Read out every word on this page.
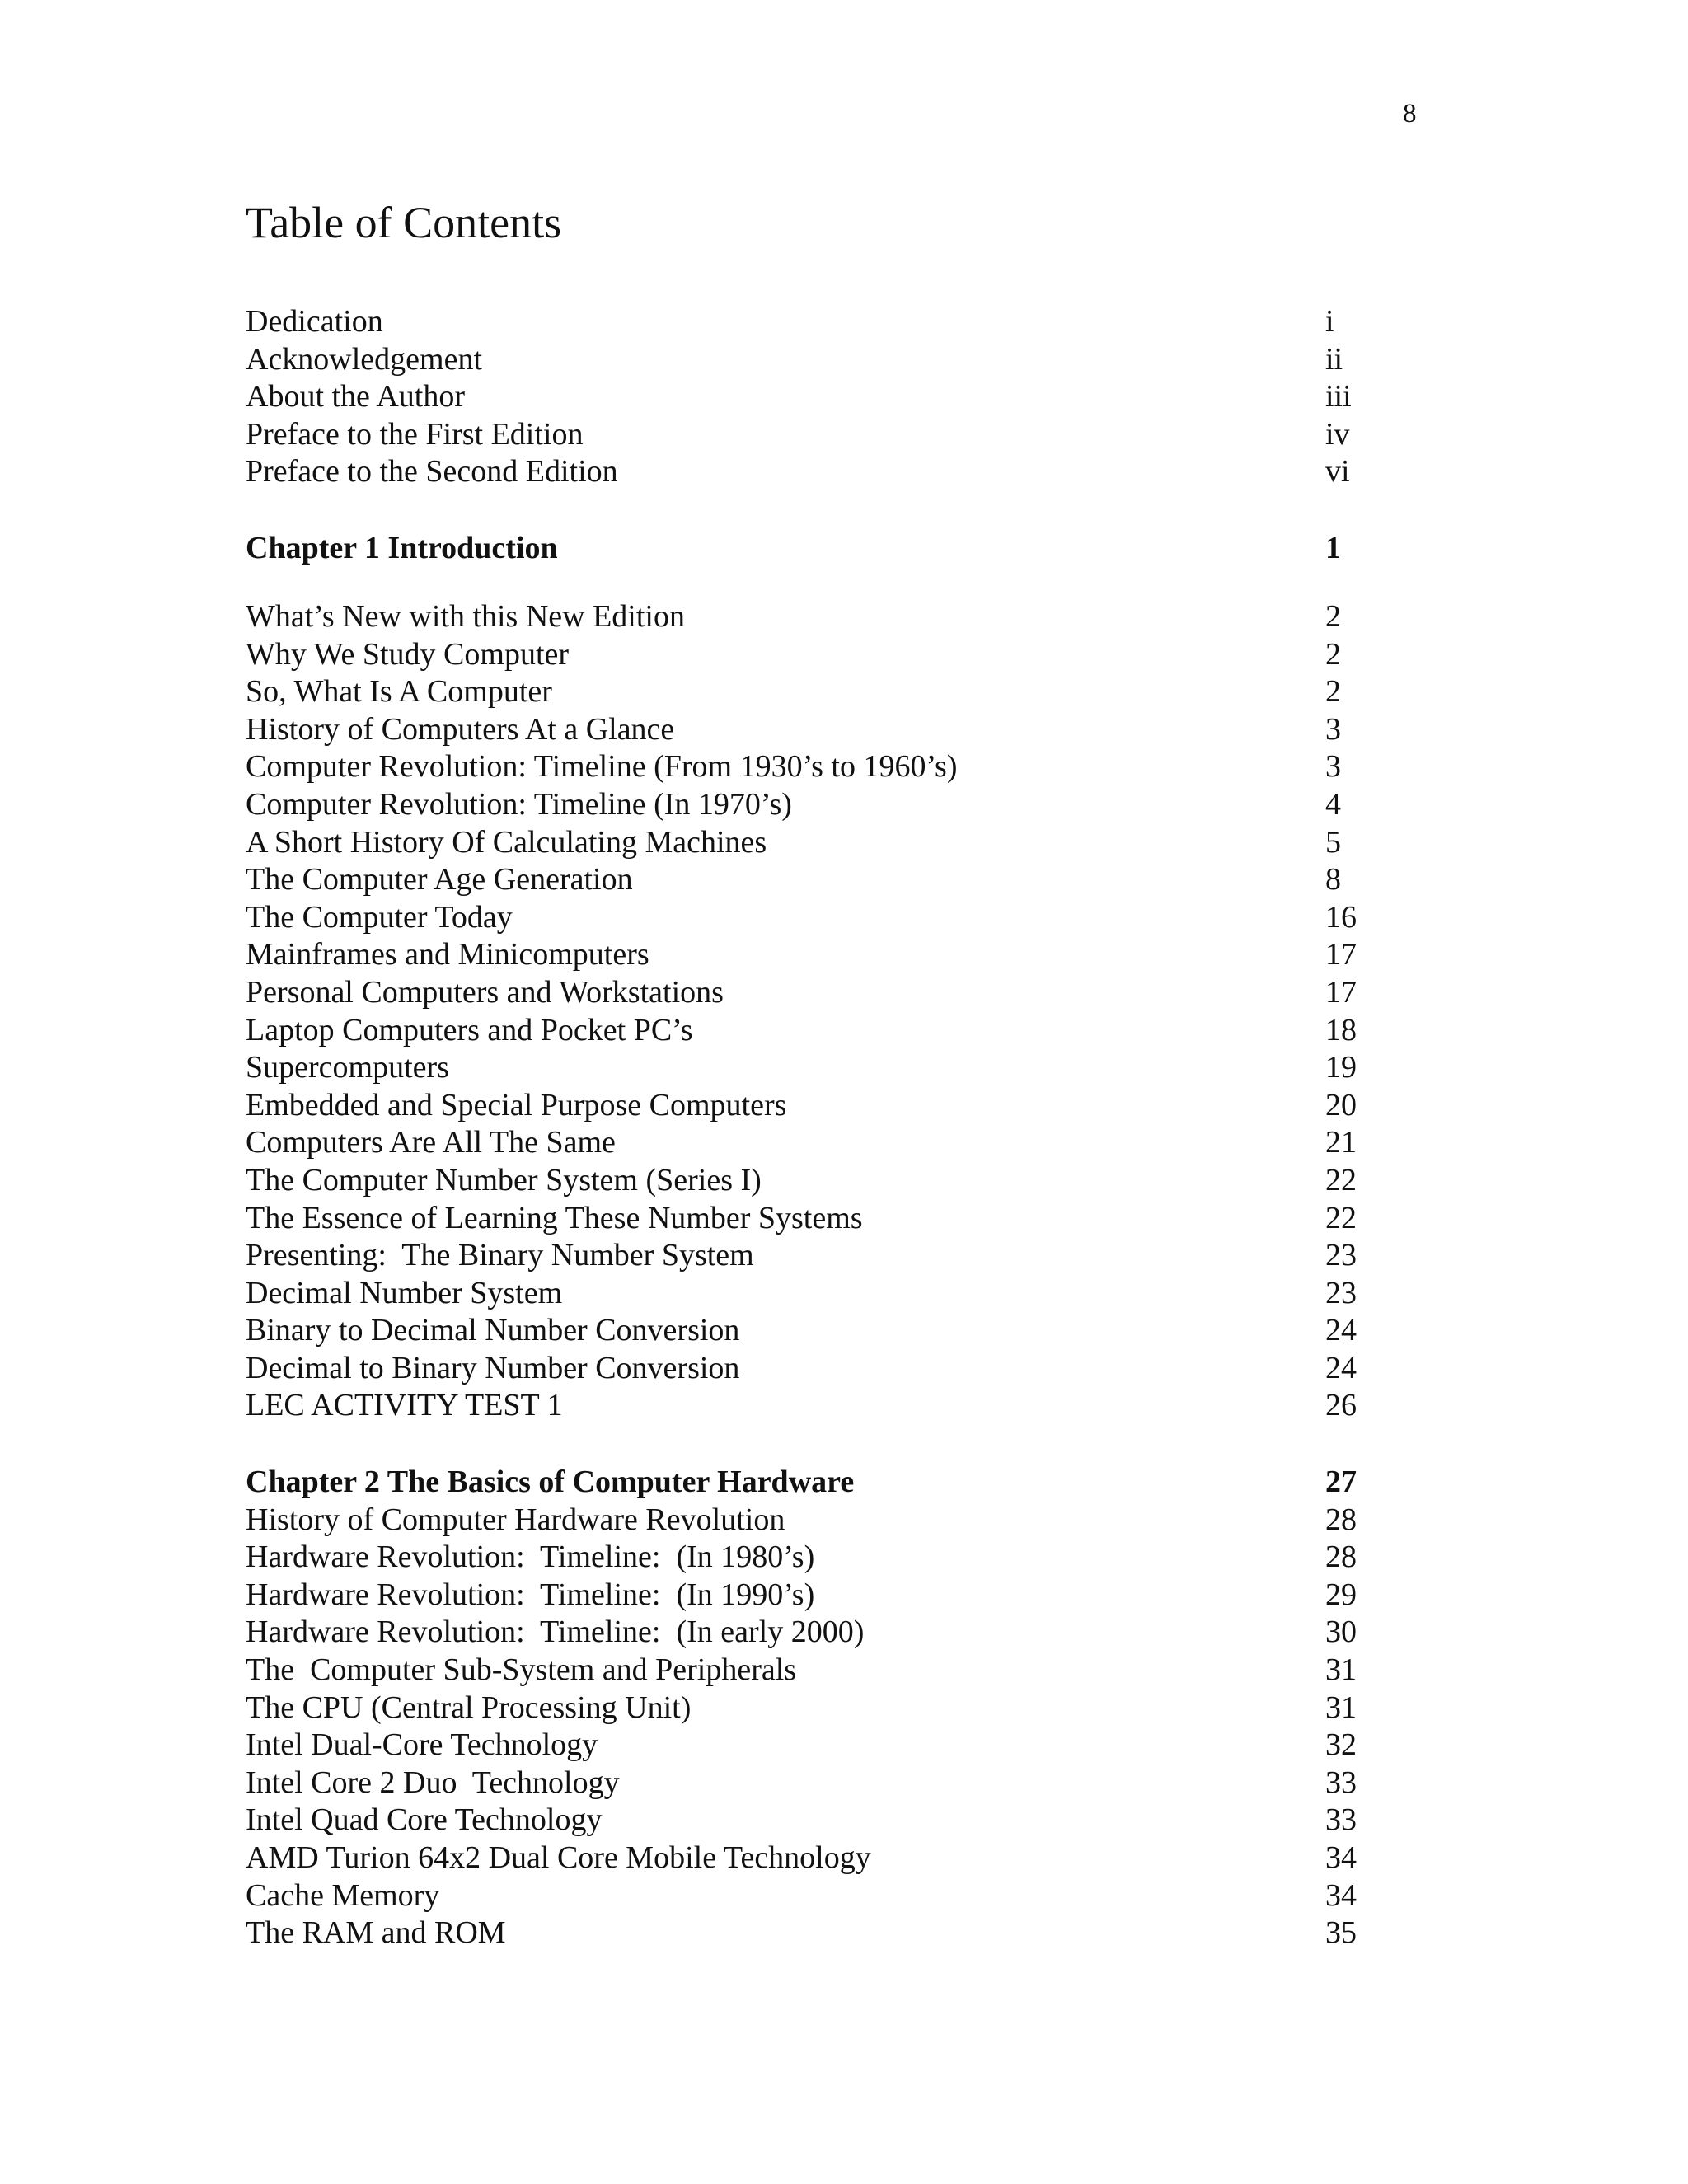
8
Table of Contents
Dedication	i
Acknowledgement	ii
About the Author	iii
Preface to the First Edition	iv
Preface to the Second Edition	vi
Chapter 1 Introduction	1
What’s New with this New Edition	2
Why We Study Computer	2
So, What Is A Computer	2
History of Computers At a Glance	3
Computer Revolution: Timeline (From 1930’s to 1960’s)	3
Computer Revolution: Timeline (In 1970’s)	4
A Short History Of Calculating Machines	5
The Computer Age Generation	8
The Computer Today	16
Mainframes and Minicomputers	17
Personal Computers and Workstations	17
Laptop Computers and Pocket PC’s	18
Supercomputers	19
Embedded and Special Purpose Computers	20
Computers Are All The Same	21
The Computer Number System (Series I)	22
The Essence of Learning These Number Systems	22
Presenting:  The Binary Number System	23
Decimal Number System	23
Binary to Decimal Number Conversion	24
Decimal to Binary Number Conversion	24
LEC ACTIVITY TEST 1	26
Chapter 2 The Basics of Computer Hardware	27
History of Computer Hardware Revolution	28
Hardware Revolution:  Timeline:  (In 1980’s)	28
Hardware Revolution:  Timeline:  (In 1990’s)	29
Hardware Revolution:  Timeline:  (In early 2000)	30
The  Computer Sub-System and Peripherals	31
The CPU (Central Processing Unit)	31
Intel Dual-Core Technology	32
Intel Core 2 Duo  Technology	33
Intel Quad Core Technology	33
AMD Turion 64x2 Dual Core Mobile Technology	34
Cache Memory	34
The RAM and ROM	35
